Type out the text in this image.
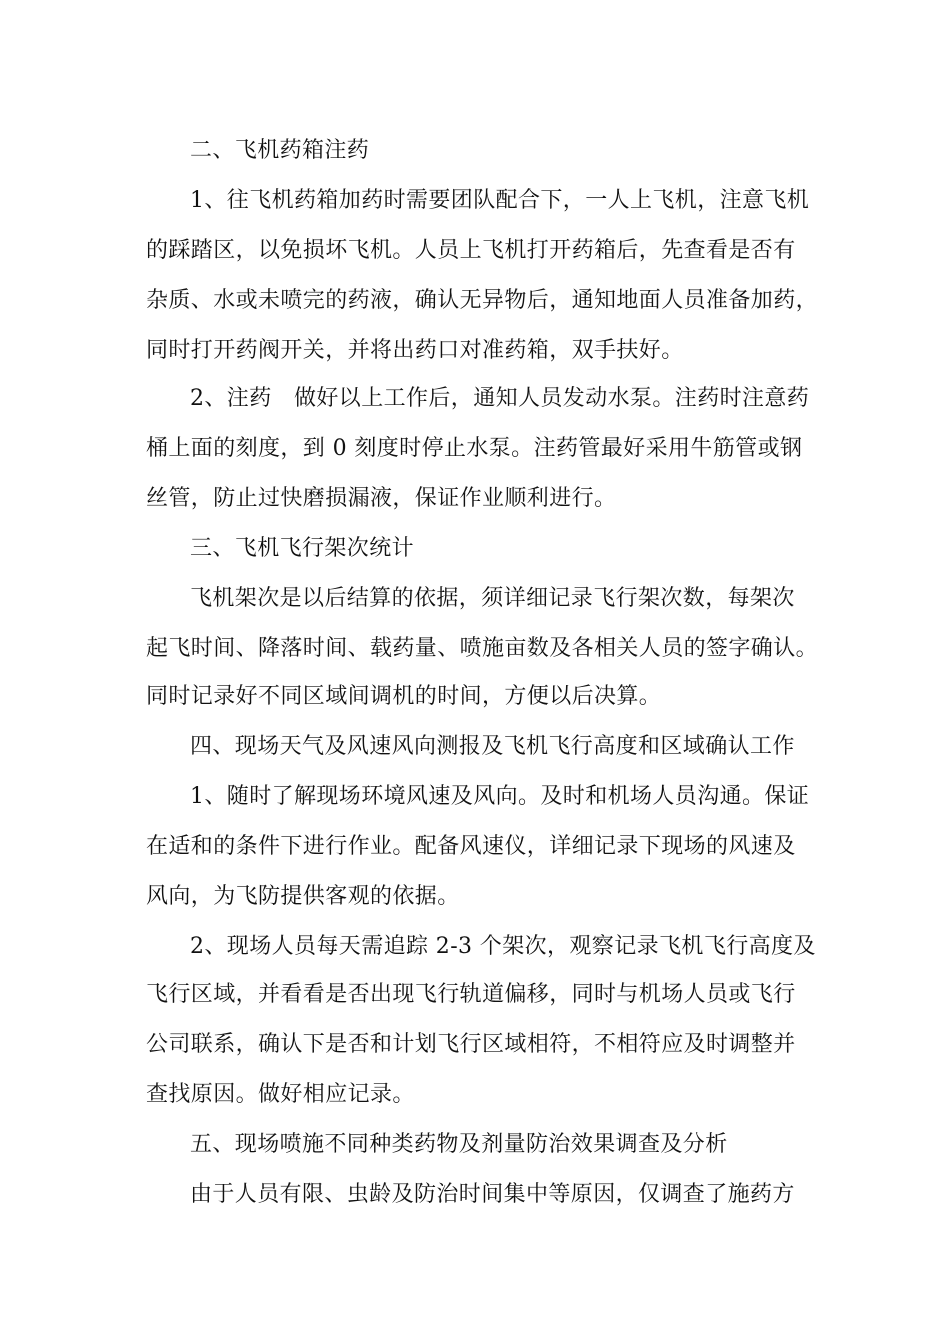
二、飞机药箱注药
1、往飞机药箱加药时需要团队配合下，一人上飞机，注意飞机
的踩踏区，以免损坏飞机。人员上飞机打开药箱后，先查看是否有
杂质、水或未喷完的药液，确认无异物后，通知地面人员准备加药，
同时打开药阀开关，并将出药口对准药箱，双手扶好。
2、注药　做好以上工作后，通知人员发动水泵。注药时注意药
桶上面的刻度，到 0 刻度时停止水泵。注药管最好采用牛筋管或钢
丝管，防止过快磨损漏液，保证作业顺利进行。
三、飞机飞行架次统计
飞机架次是以后结算的依据，须详细记录飞行架次数，每架次
起飞时间、降落时间、载药量、喷施亩数及各相关人员的签字确认。
同时记录好不同区域间调机的时间，方便以后决算。
四、现场天气及风速风向测报及飞机飞行高度和区域确认工作
1、随时了解现场环境风速及风向。及时和机场人员沟通。保证
在适和的条件下进行作业。配备风速仪，详细记录下现场的风速及
风向，为飞防提供客观的依据。
2、现场人员每天需追踪 2-3 个架次，观察记录飞机飞行高度及
飞行区域，并看看是否出现飞行轨道偏移，同时与机场人员或飞行
公司联系，确认下是否和计划飞行区域相符，不相符应及时调整并
查找原因。做好相应记录。
五、现场喷施不同种类药物及剂量防治效果调查及分析
由于人员有限、虫龄及防治时间集中等原因，仅调查了施药方
